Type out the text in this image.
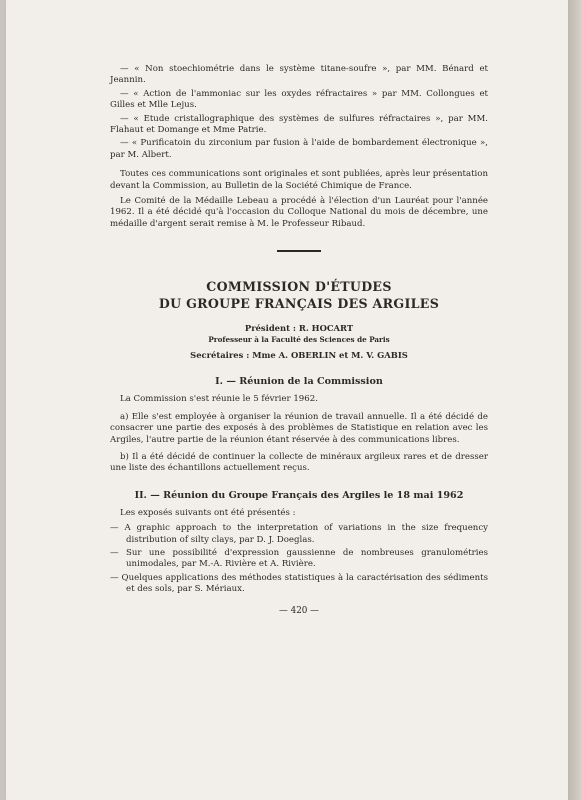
— « Non stoechiométrie dans le système titane-soufre », par MM. Bénard et Jeannin.

— « Action de l'ammoniac sur les oxydes réfractaires » par MM. Collongues et Gilles et Mlle Lejus.

— « Etude cristallographique des systèmes de sulfures réfractaires », par MM. Flahaut et Domange et Mme Patrie.

— « Purificatoin du zirconium par fusion à l'aide de bombardement électronique », par M. Albert.

Toutes ces communications sont originales et sont publiées, après leur présentation devant la Commission, au Bulletin de la Société Chimique de France.

Le Comité de la Médaille Lebeau a procédé à l'élection d'un Lauréat pour l'année 1962. Il a été décidé qu'à l'occasion du Colloque National du mois de décembre, une médaille d'argent serait remise à M. le Professeur Ribaud.

COMMISSION D'ÉTUDES

DU GROUPE FRANÇAIS DES ARGILES

Président : R. HOCART
Professeur à la Faculté des Sciences de Paris
Secrétaires : Mme A. OBERLIN et M. V. GABIS
I. — Réunion de la Commission

La Commission s'est réunie le 5 février 1962.

a) Elle s'est employée à organiser la réunion de travail annuelle. Il a été décidé de consacrer une partie des exposés à des problèmes de Statistique en relation avec les Argiles, l'autre partie de la réunion étant réservée à des communications libres.

b) Il a été décidé de continuer la collecte de minéraux argileux rares et de dresser une liste des échantillons actuellement reçus.

II. — Réunion du Groupe Français des Argiles le 18 mai 1962

Les exposés suivants ont été présentés :

— A graphic approach to the interpretation of variations in the size frequency distribution of silty clays, par D. J. Doeglas.
— Sur une possibilité d'expression gaussienne de nombreuses granulométries unimodales, par M.-A. Rivière et A. Rivière.
— Quelques applications des méthodes statistiques à la caractérisation des sédiments et des sols, par S. Mériaux.
— 420 —
